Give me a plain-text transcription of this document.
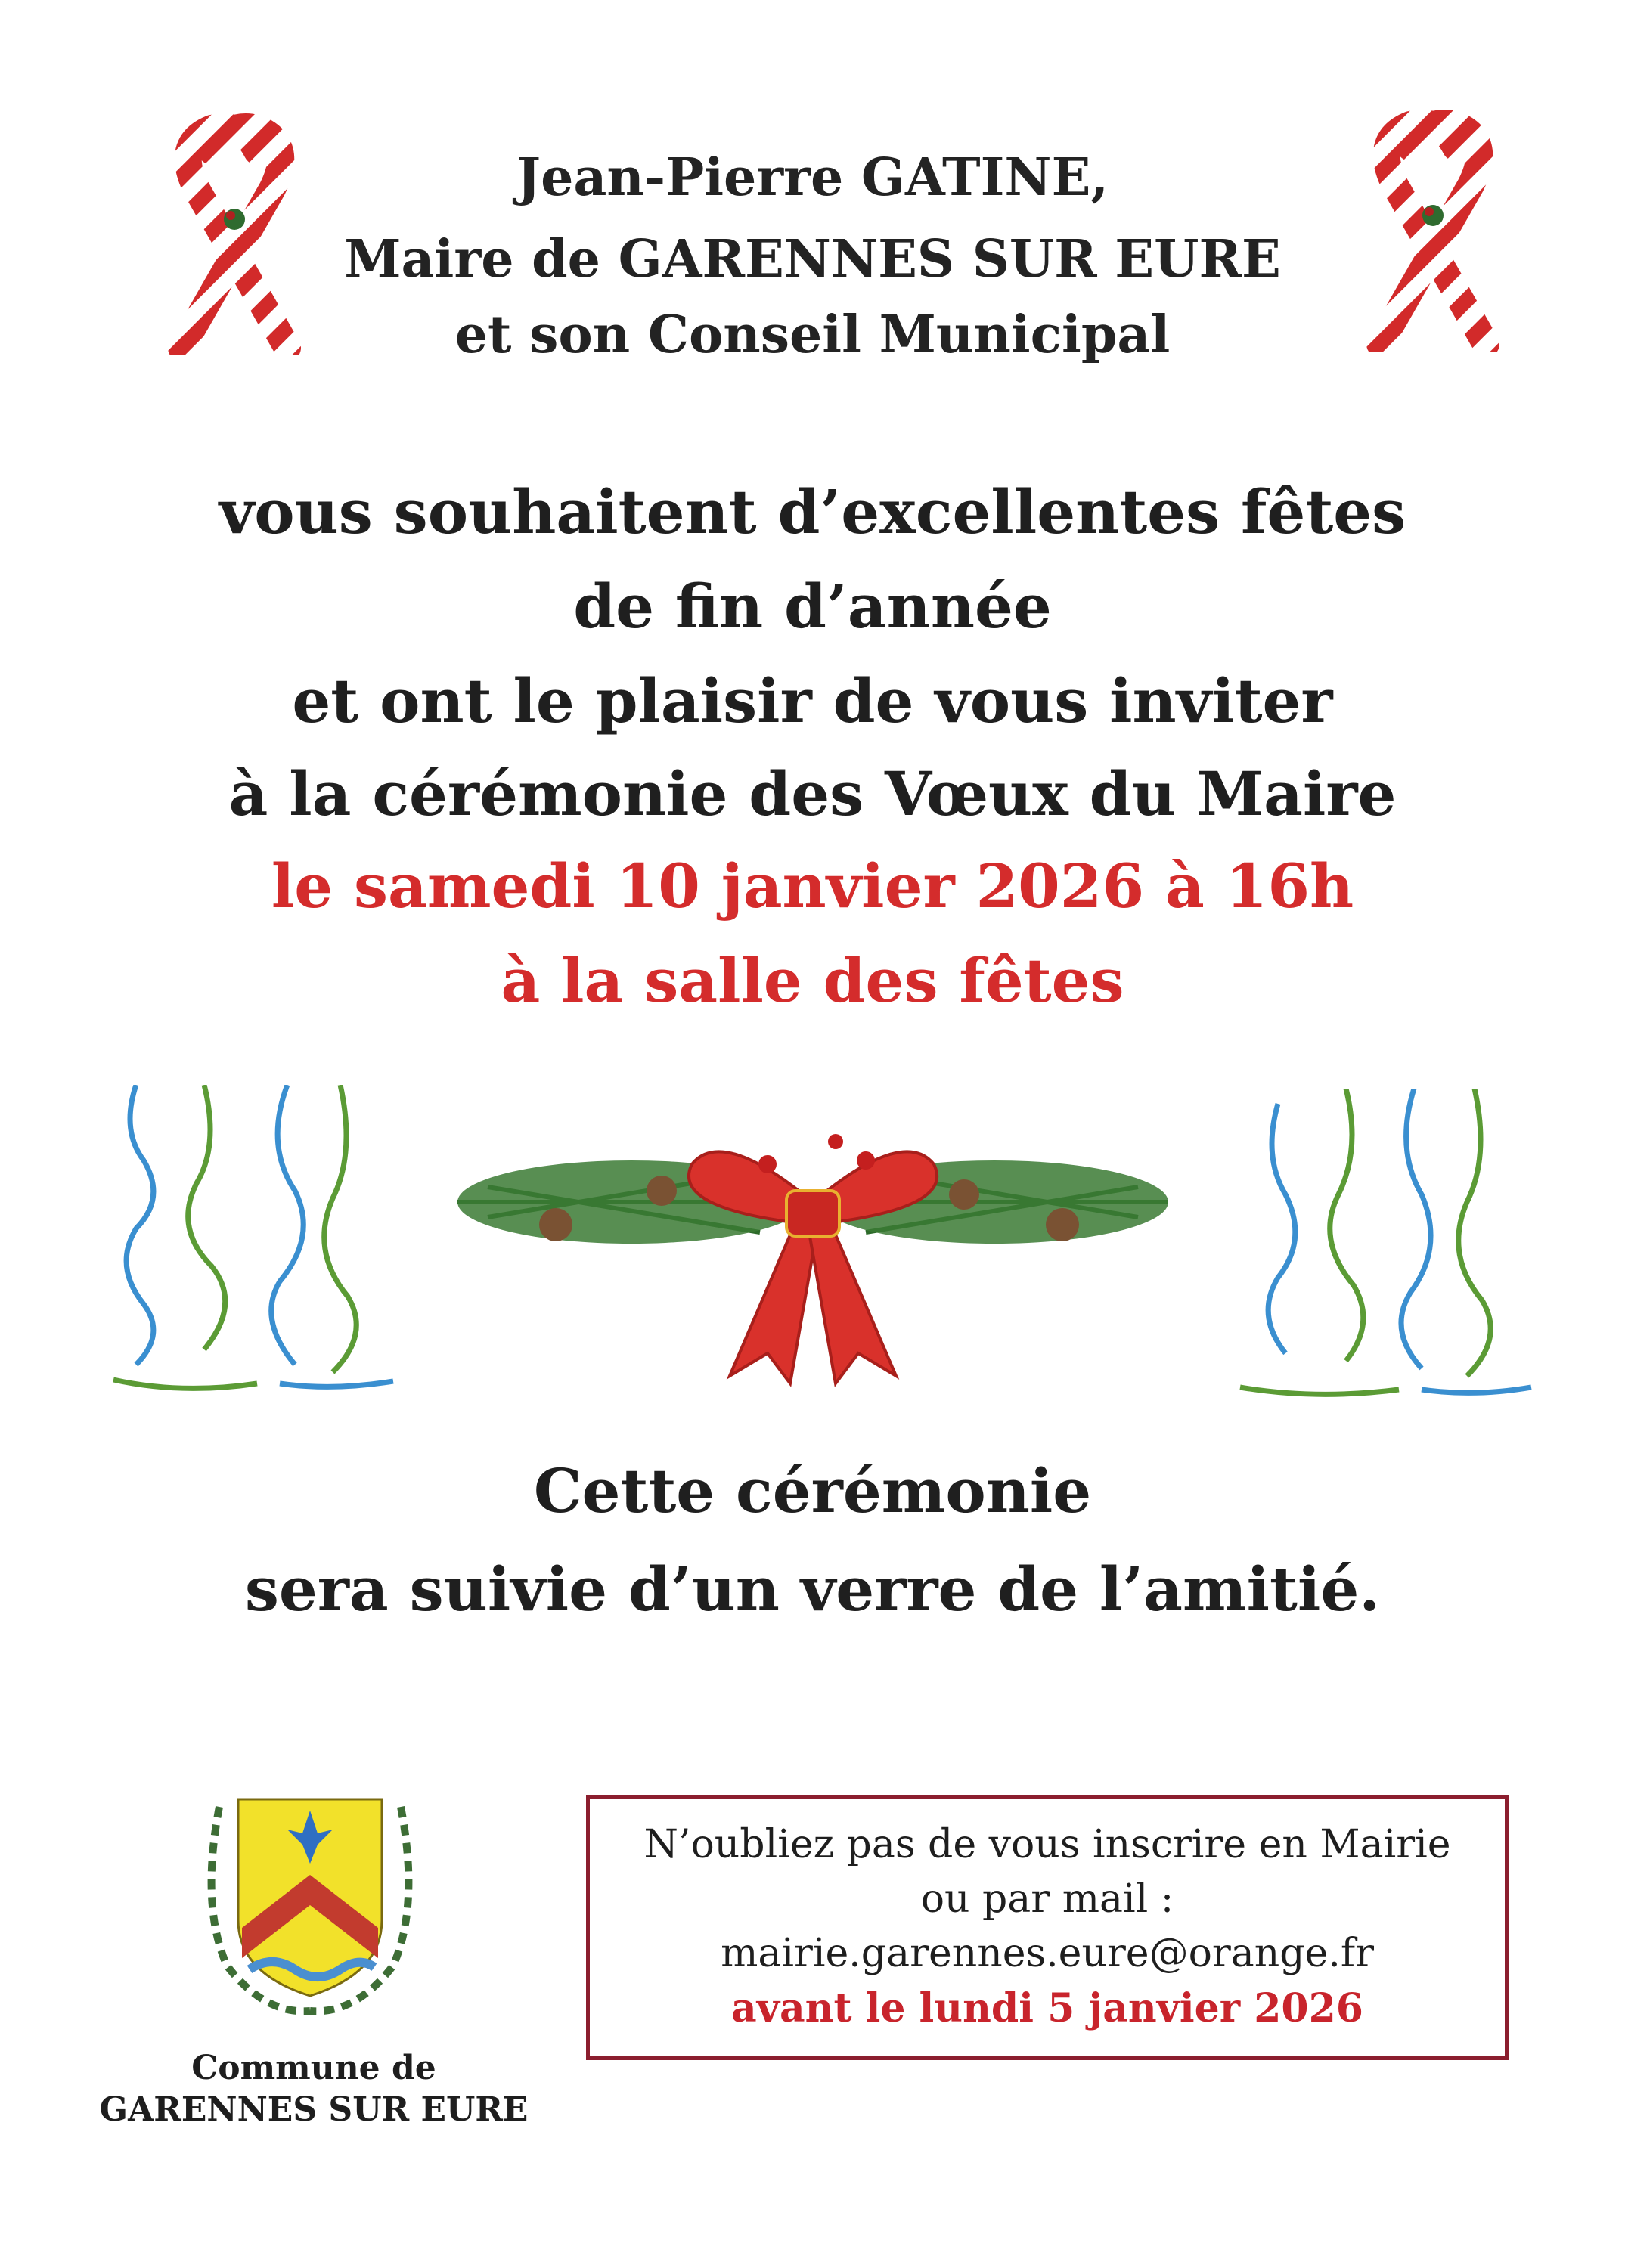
Jean-Pierre GATINE,
Maire de GARENNES SUR EURE
et son Conseil Municipal
vous souhaitent d’excellentes fêtes
de fin d’année
et ont le plaisir de vous inviter
à la cérémonie des Vœux du Maire
le samedi 10 janvier 2026 à 16h
à la salle des fêtes
Cette cérémonie
sera suivie d’un verre de l’amitié.
Commune de
GARENNES SUR EURE
N’oubliez pas de vous inscrire en Mairie
ou par mail :
mairie.garennes.eure@orange.fr
avant le lundi 5 janvier 2026
